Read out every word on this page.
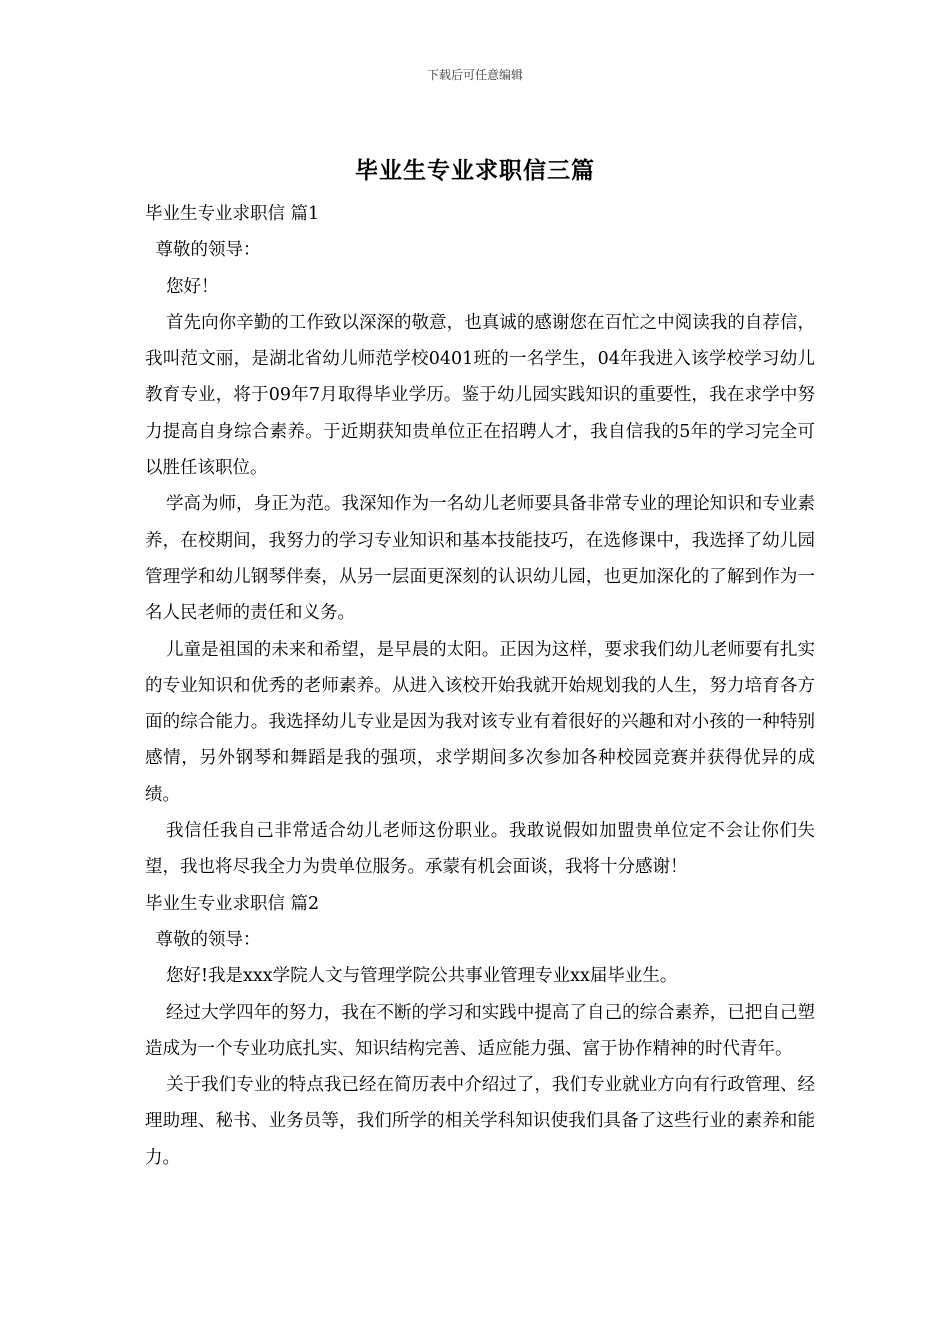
下载后可任意编辑
毕业生专业求职信三篇

毕业生专业求职信 篇1

尊敬的领导：

您好！

首先向你辛勤的工作致以深深的敬意，也真诚的感谢您在百忙之中阅读我的自荐信，我叫范文丽，是湖北省幼儿师范学校0401班的一名学生，04年我进入该学校学习幼儿教育专业，将于09年7月取得毕业学历。鉴于幼儿园实践知识的重要性，我在求学中努力提高自身综合素养。于近期获知贵单位正在招聘人才，我自信我的5年的学习完全可以胜任该职位。

学高为师，身正为范。我深知作为一名幼儿老师要具备非常专业的理论知识和专业素养，在校期间，我努力的学习专业知识和基本技能技巧，在选修课中，我选择了幼儿园管理学和幼儿钢琴伴奏，从另一层面更深刻的认识幼儿园，也更加深化的了解到作为一名人民老师的责任和义务。

儿童是祖国的未来和希望，是早晨的太阳。正因为这样，要求我们幼儿老师要有扎实的专业知识和优秀的老师素养。从进入该校开始我就开始规划我的人生，努力培育各方面的综合能力。我选择幼儿专业是因为我对该专业有着很好的兴趣和对小孩的一种特别感情，另外钢琴和舞蹈是我的强项，求学期间多次参加各种校园竞赛并获得优异的成绩。

我信任我自己非常适合幼儿老师这份职业。我敢说假如加盟贵单位定不会让你们失望，我也将尽我全力为贵单位服务。承蒙有机会面谈，我将十分感谢！

毕业生专业求职信 篇2

尊敬的领导：

您好!我是xxx学院人文与管理学院公共事业管理专业xx届毕业生。

经过大学四年的努力，我在不断的学习和实践中提高了自己的综合素养，已把自己塑造成为一个专业功底扎实、知识结构完善、适应能力强、富于协作精神的时代青年。

关于我们专业的特点我已经在简历表中介绍过了，我们专业就业方向有行政管理、经理助理、秘书、业务员等，我们所学的相关学科知识使我们具备了这些行业的素养和能力。
